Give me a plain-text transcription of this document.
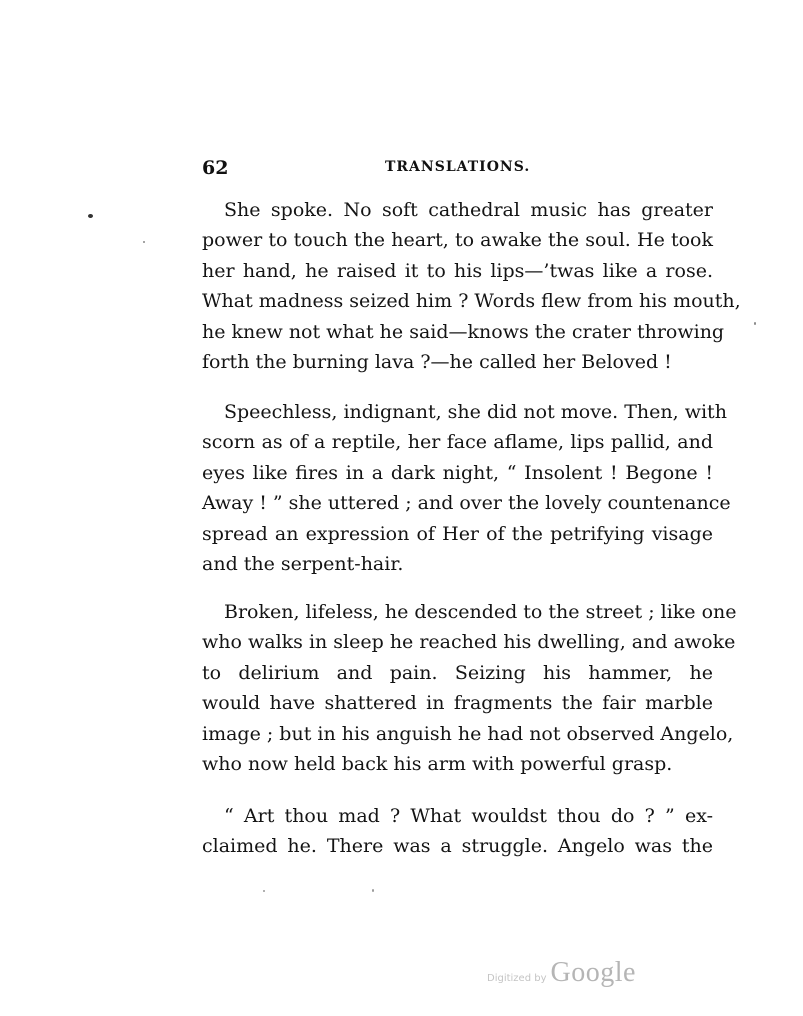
62	TRANSLATIONS.
She spoke. No soft cathedral music has greater
power to touch the heart, to awake the soul. He took
her hand, he raised it to his lips—’twas like a rose.
What madness seized him ? Words flew from his mouth,
he knew not what he said—knows the crater throwing
forth the burning lava ?—he called her Beloved !
Speechless, indignant, she did not move. Then, with
scorn as of a reptile, her face aflame, lips pallid, and
eyes like fires in a dark night, “ Insolent ! Begone !
Away ! ” she uttered ; and over the lovely countenance
spread an expression of Her of the petrifying visage
and the serpent-hair.
Broken, lifeless, he descended to the street ; like one
who walks in sleep he reached his dwelling, and awoke
to delirium and pain. Seizing his hammer, he
would have shattered in fragments the fair marble
image ; but in his anguish he had not observed Angelo,
who now held back his arm with powerful grasp.
“ Art thou mad ? What wouldst thou do ? ” ex-
claimed he. There was a struggle. Angelo was the
Digitized by Google
